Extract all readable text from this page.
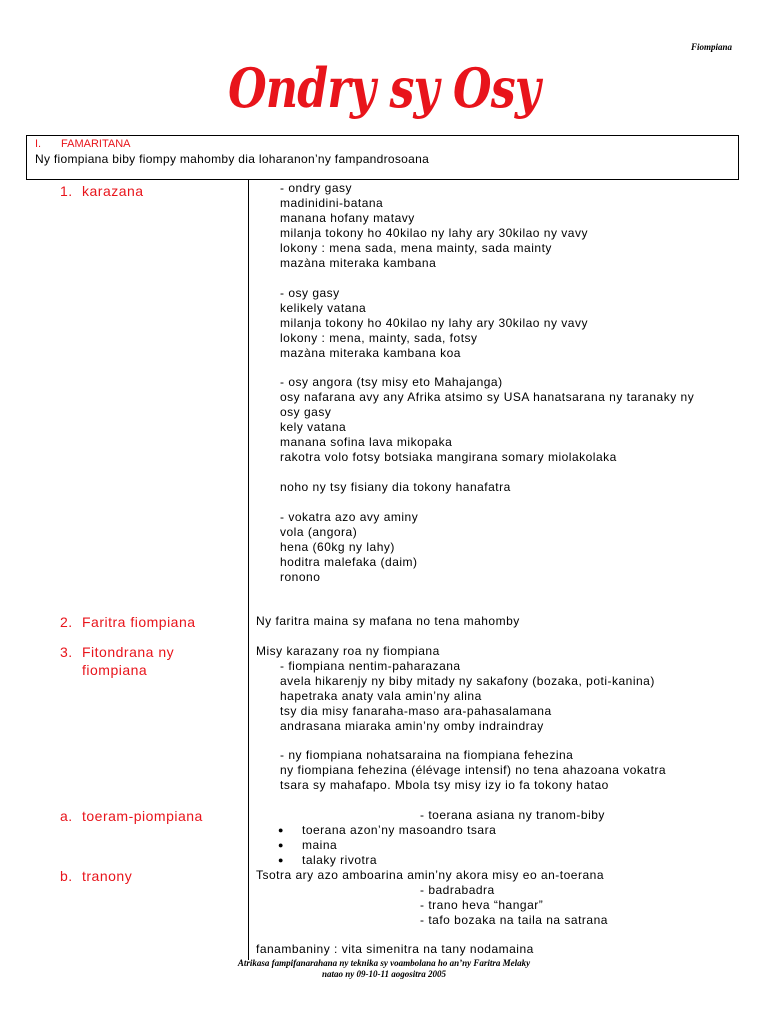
Fiompiana
Ondry sy Osy
I. FAMARITANA
Ny fiompiana biby fiompy mahomby dia loharanon’ny fampandrosoana
1. karazana
2. Faritra fiompiana
3. Fitondrana ny
fiompiana
a. toeram-piompiana
b. tranony
- ondry gasy
madinidini-batana
manana hofany matavy
milanja tokony ho 40kilao ny lahy ary 30kilao ny vavy
lokony : mena sada, mena mainty, sada mainty
mazàna miteraka kambana
- osy gasy
kelikely vatana
milanja tokony ho 40kilao ny lahy ary 30kilao ny vavy
lokony : mena, mainty, sada, fotsy
mazàna miteraka kambana koa
- osy angora (tsy misy eto Mahajanga)
osy nafarana avy any Afrika atsimo sy USA hanatsarana ny taranaky ny
osy gasy
kely vatana
manana sofina lava mikopaka
rakotra volo fotsy botsiaka mangirana somary miolakolaka
noho ny tsy fisiany dia tokony hanafatra
- vokatra azo avy aminy
vola (angora)
hena (60kg ny lahy)
hoditra malefaka (daim)
ronono
Ny faritra maina sy mafana no tena mahomby
Misy karazany roa ny fiompiana
- fiompiana nentim-paharazana
avela hikarenjy ny biby mitady ny sakafony (bozaka, poti-kanina)
hapetraka anaty vala amin’ny alina
tsy dia misy fanaraha-maso ara-pahasalamana
andrasana miaraka amin’ny omby indraindray
- ny fiompiana nohatsaraina na fiompiana fehezina
ny fiompiana fehezina (élévage intensif) no tena ahazoana vokatra
tsara sy mahafapo. Mbola tsy misy izy io fa tokony hatao
- toerana asiana ny tranom-biby
● toerana azon’ny masoandro tsara
● maina
● talaky rivotra
Tsotra ary azo amboarina amin’ny akora misy eo an-toerana
- badrabadra
- trano heva “hangar”
- tafo bozaka na taila na satrana
fanambaniny : vita simenitra na tany nodamaina
Atrikasa fampifanarahana ny teknika sy voambolana ho an’ny Faritra Melaky
natao ny 09-10-11 aogositra 2005
